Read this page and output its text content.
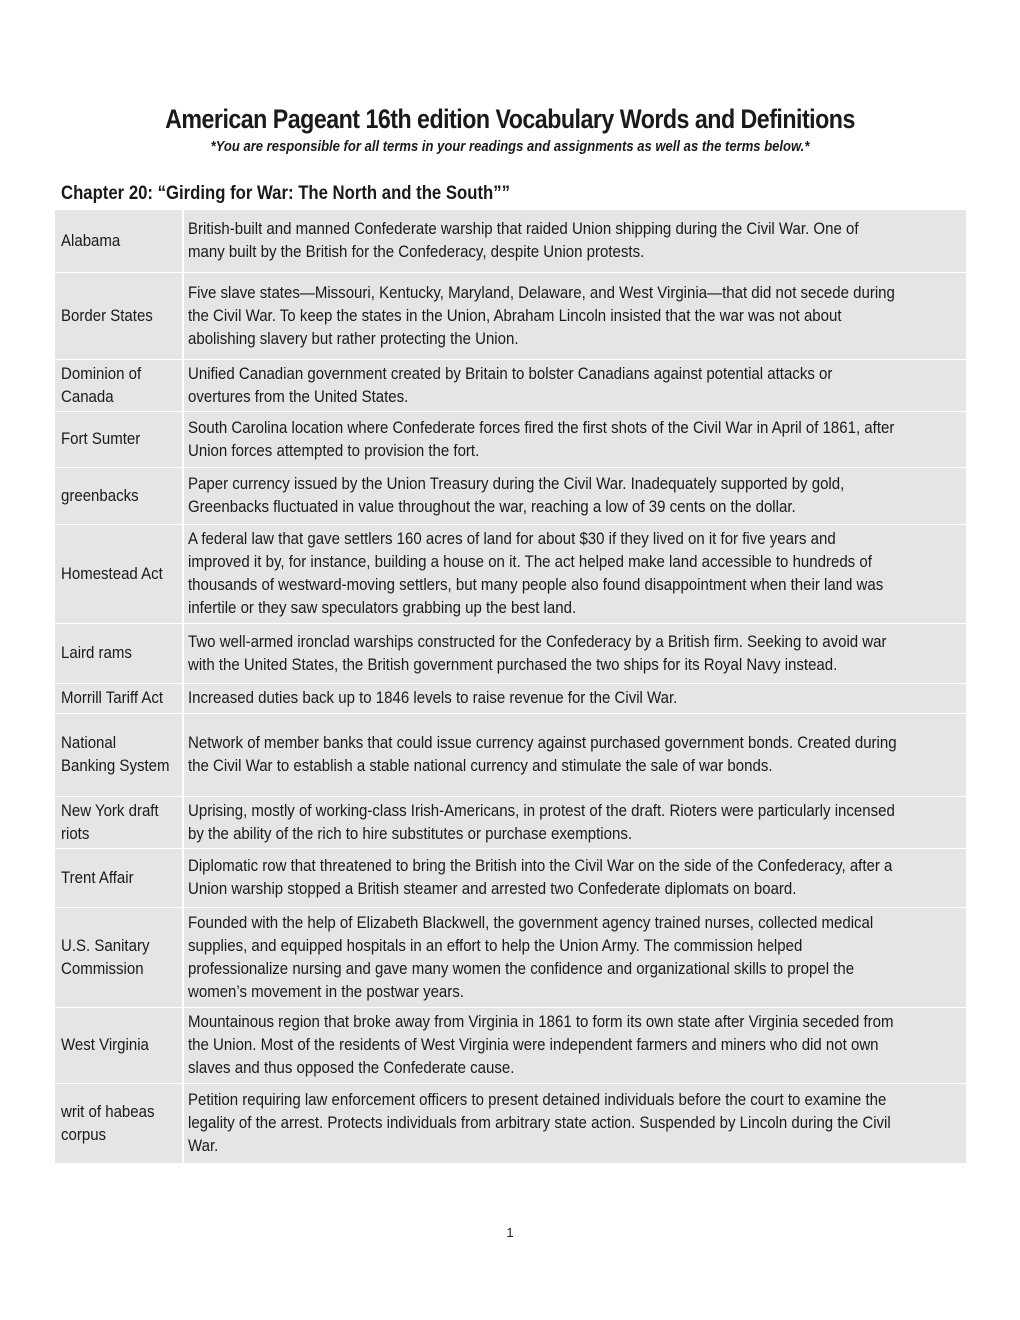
American Pageant 16th edition Vocabulary Words and Definitions
*You are responsible for all terms in your readings and assignments as well as the terms below.*
Chapter 20: “Girding for War: The North and the South””
Alabama
British-built and manned Confederate warship that raided Union shipping during the Civil War. One of many built by the British for the Confederacy, despite Union protests.
Border States
Five slave states—Missouri, Kentucky, Maryland, Delaware, and West Virginia—that did not secede during the Civil War. To keep the states in the Union, Abraham Lincoln insisted that the war was not about abolishing slavery but rather protecting the Union.
Dominion of Canada
Unified Canadian government created by Britain to bolster Canadians against potential attacks or overtures from the United States.
Fort Sumter
South Carolina location where Confederate forces fired the first shots of the Civil War in April of 1861, after Union forces attempted to provision the fort.
greenbacks
Paper currency issued by the Union Treasury during the Civil War. Inadequately supported by gold, Greenbacks fluctuated in value throughout the war, reaching a low of 39 cents on the dollar.
Homestead Act
A federal law that gave settlers 160 acres of land for about $30 if they lived on it for five years and improved it by, for instance, building a house on it. The act helped make land accessible to hundreds of thousands of westward-moving settlers, but many people also found disappointment when their land was infertile or they saw speculators grabbing up the best land.
Laird rams
Two well-armed ironclad warships constructed for the Confederacy by a British firm. Seeking to avoid war with the United States, the British government purchased the two ships for its Royal Navy instead.
Morrill Tariff Act Increased duties back up to 1846 levels to raise revenue for the Civil War.
National Banking System
Network of member banks that could issue currency against purchased government bonds. Created during the Civil War to establish a stable national currency and stimulate the sale of war bonds.
New York draft riots
Uprising, mostly of working-class Irish-Americans, in protest of the draft. Rioters were particularly incensed by the ability of the rich to hire substitutes or purchase exemptions.
Trent Affair
Diplomatic row that threatened to bring the British into the Civil War on the side of the Confederacy, after a Union warship stopped a British steamer and arrested two Confederate diplomats on board.
U.S. Sanitary Commission
Founded with the help of Elizabeth Blackwell, the government agency trained nurses, collected medical supplies, and equipped hospitals in an effort to help the Union Army. The commission helped professionalize nursing and gave many women the confidence and organizational skills to propel the women’s movement in the postwar years.
West Virginia
Mountainous region that broke away from Virginia in 1861 to form its own state after Virginia seceded from the Union. Most of the residents of West Virginia were independent farmers and miners who did not own slaves and thus opposed the Confederate cause.
writ of habeas corpus
Petition requiring law enforcement officers to present detained individuals before the court to examine the legality of the arrest. Protects individuals from arbitrary state action. Suspended by Lincoln during the Civil War.
1
